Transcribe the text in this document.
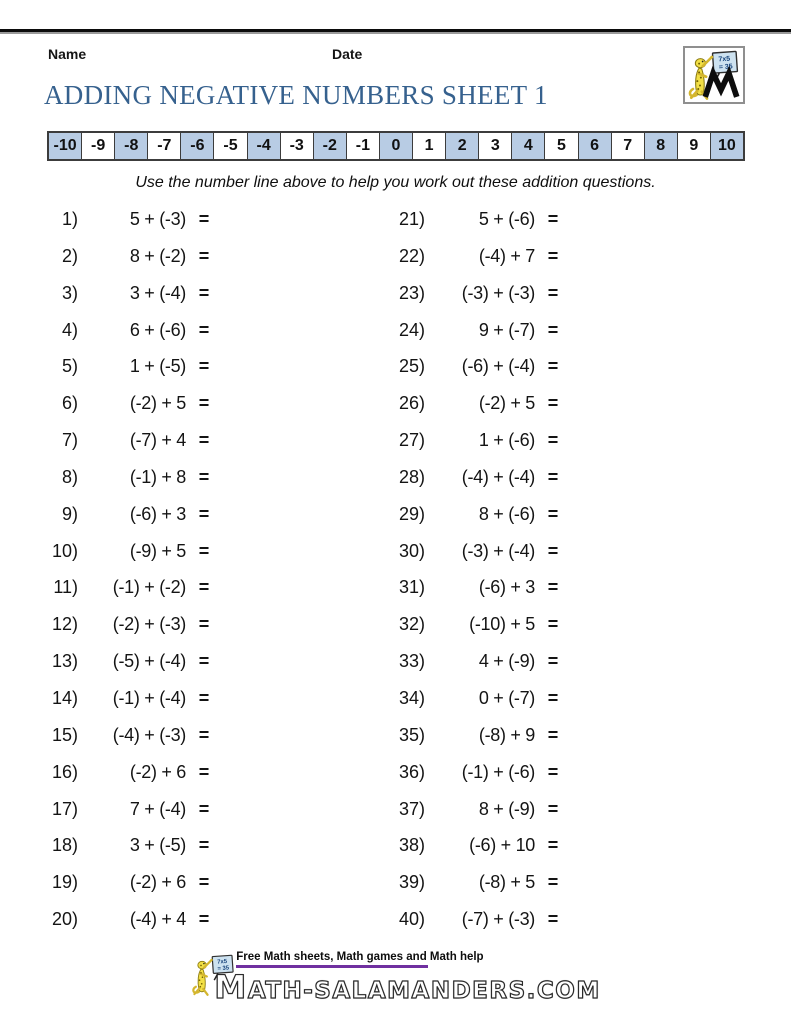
Name	Date
ADDING NEGATIVE NUMBERS SHEET 1
-10 -9	-8	-7	-6	-5	-4	-3	-2	-1	0	1	2	3	4	5	6	7	8	9	10
Use the number line above to help you work out these addition questions.
1)	5 + (-3) =
2)	8 + (-2) =
3)	3 + (-4) =
4)	6 + (-6) =
5)	1 + (-5) =
6)	(-2) + 5 =
7)	(-7) + 4 =
8)	(-1) + 8 =
9)	(-6) + 3 =
10)	(-9) + 5 =
11)	(-1) + (-2) =
12)	(-2) + (-3) =
13)	(-5) + (-4) =
14)	(-1) + (-4) =
15)	(-4) + (-3) =
16)	(-2) + 6 =
17)	7 + (-4) =
18)	3 + (-5) =
19)	(-2) + 6 =
20)	(-4) + 4 =
21)	5 + (-6) =
22)	(-4) + 7 =
23)	(-3) + (-3) =
24)	9 + (-7) =
25)	(-6) + (-4) =
26)	(-2) + 5 =
27)	1 + (-6) =
28)	(-4) + (-4) =
29)	8 + (-6) =
30)	(-3) + (-4) =
31)	(-6) + 3 =
32)	(-10) + 5 =
33)	4 + (-9) =
34)	0 + (-7) =
35)	(-8) + 9 =
36)	(-1) + (-6) =
37)	8 + (-9) =
38)	(-6) + 10 =
39)	(-8) + 5 =
40)	(-7) + (-3) =
Free Math sheets, Math games and Math help
MATH-SALAMANDERS.COM
